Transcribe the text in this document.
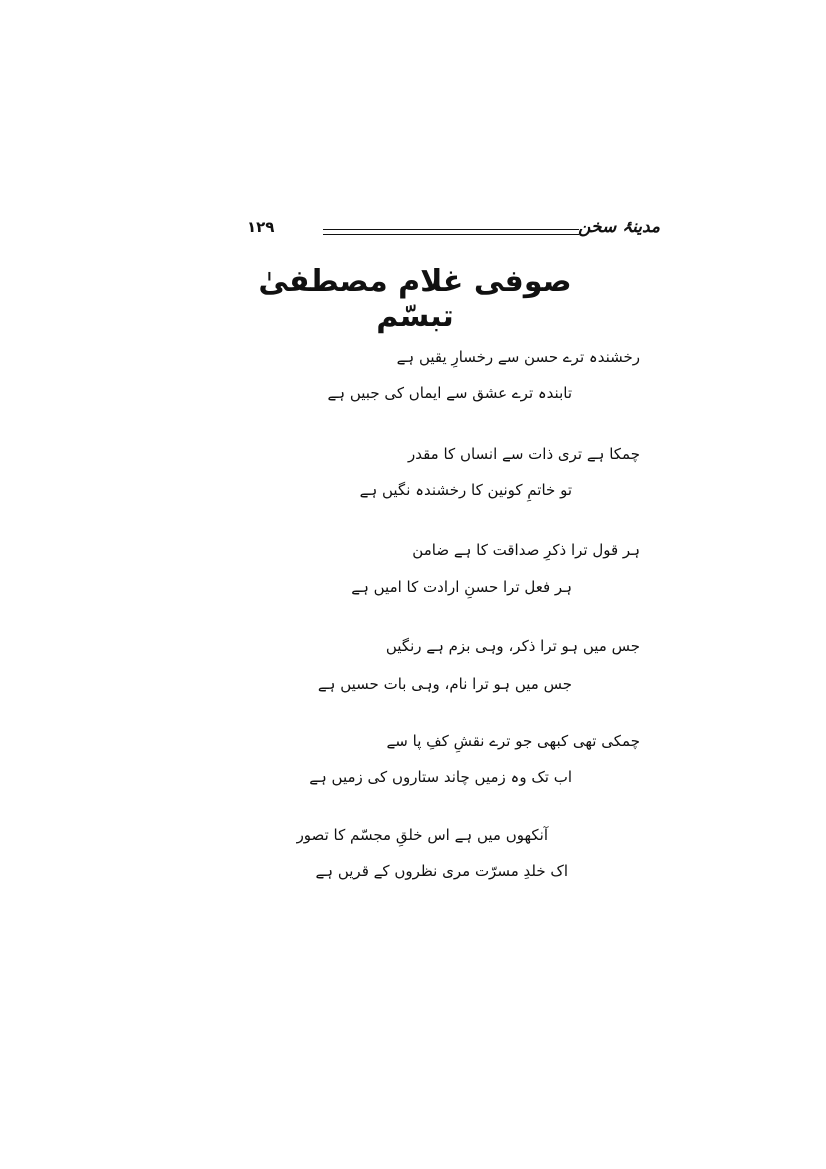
۱۲۹	مدینۂ سخن
صوفی غلام مصطفیٰ تبسّم
رخشندہ ترے حسن سے رخسارِ یقیں ہے
تابندہ ترے عشق سے ایماں کی جبیں ہے
چمکا ہے تری ذات سے انساں کا مقدر
تو خاتمِ کونین کا رخشندہ نگیں ہے
ہر قول ترا ذکرِ صداقت کا ہے ضامن
ہر فعل ترا حسنِ ارادت کا امیں ہے
جس میں ہو ترا ذکر، وہی بزم ہے رنگیں
جس میں ہو ترا نام، وہی بات حسیں ہے
چمکی تھی کبھی جو ترے نقشِ کفِ پا سے
اب تک وہ زمیں چاند ستاروں کی زمیں ہے
آنکھوں میں ہے اس خلقِ مجسّم کا تصور
اک خلدِ مسرّت مری نظروں کے قریں ہے
